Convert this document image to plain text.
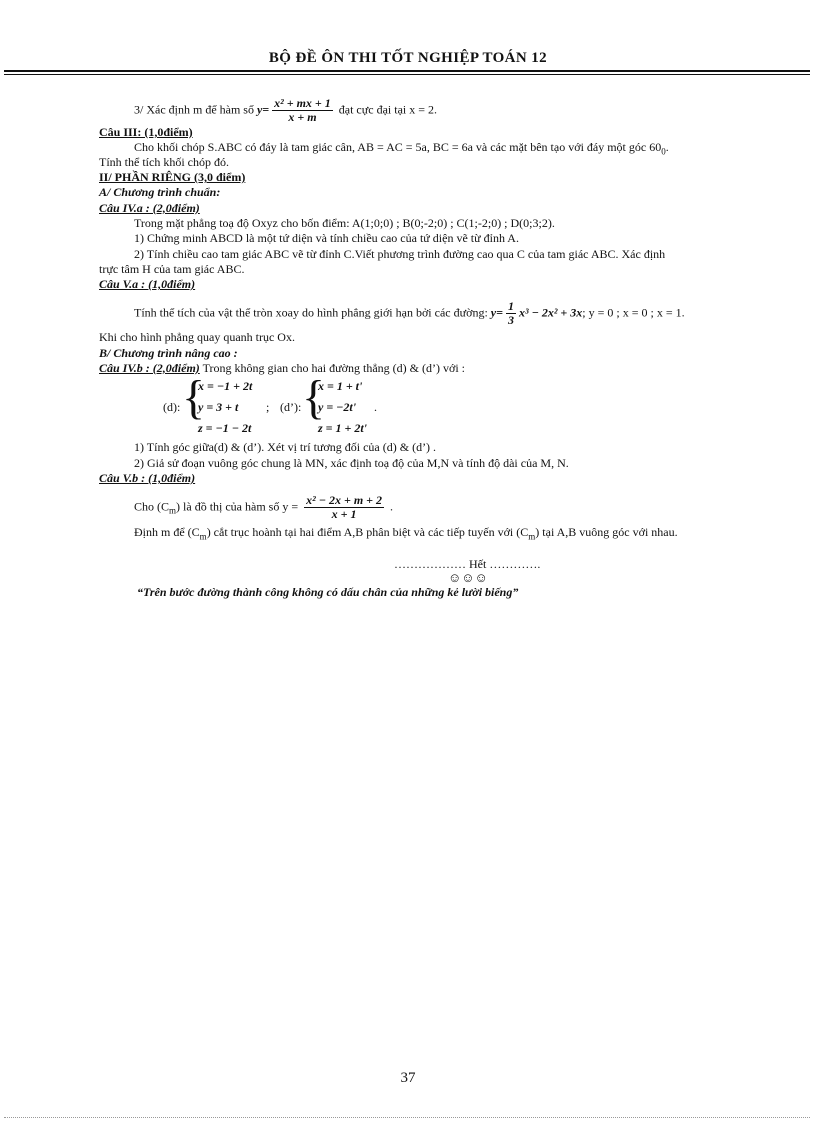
BỘ ĐỀ ÔN THI TỐT NGHIỆP TOÁN 12
3/ Xác định m để hàm số $y= \frac{\text{x² + mx + 1}}{x + m}$ đạt cực đại tại x = 2.
Câu III: (1,0điểm)
Cho khối chóp S.ABC có đáy là tam giác cân, AB = AC = 5a, BC = 6a và các mặt bên tạo với đáy một góc $60_0$.
Tính thể tích khối chóp đó.
II/ PHẦN RIÊNG (3,0 điểm)
A/ Chương trình chuẩn:
Câu IV.a : (2,0điểm)
Trong mặt phẳng toạ độ Oxyz cho bốn điểm: A(1;0;0) ; B(0;-2;0) ; C(1;-2;0) ; D(0;3;2).
1) Chứng minh ABCD là một tứ diện và tính chiều cao của tứ diện vẽ từ đỉnh A.
2) Tính chiều cao tam giác ABC vẽ từ đỉnh C.Viết phương trình đường cao qua C của tam giác ABC. Xác định
trực tâm H của tam giác ABC.
Câu V.a : (1,0điểm)
Tính thể tích của vật thể tròn xoay do hình phẳng giới hạn bởi các đường: $y= \frac{1}{3} x^3 - 2x^2 + 3x$; y = 0 ; x = 0 ; x = 1.
Khi cho hình phẳng quay quanh trục Ox.
B/ Chương trình nâng cao :
Câu IV.b : (2,0điểm) Trong không gian cho hai đường thẳng (d) & (d’) với :
(d): {
x = −1 + 2t
y = 3 + t
z = −1 − 2t
; (d’): {
x = 1 + t'
y = −2t'
z = 1 + 2t'
.
1) Tính góc giữa(d) & (d’). Xét vị trí tương đối của (d) & (d’) .
2) Giả sử đoạn vuông góc chung là MN, xác định toạ độ của M,N và tính độ dài của M, N.
Câu V.b : (1,0điểm)
Cho $(C_m)$ là đồ thị của hàm số $y = \frac{\text{x² − 2x + m + 2}}{x + 1}$ .
Định m để $(C_m)$ cắt trục hoành tại hai điểm A,B phân biệt và các tiếp tuyến với $(C_m)$ tại A,B vuông góc với nhau.
……………… Hết ………….
☺☺☺
“Trên bước đường thành công không có dấu chân của những kẻ lười biếng”
37
